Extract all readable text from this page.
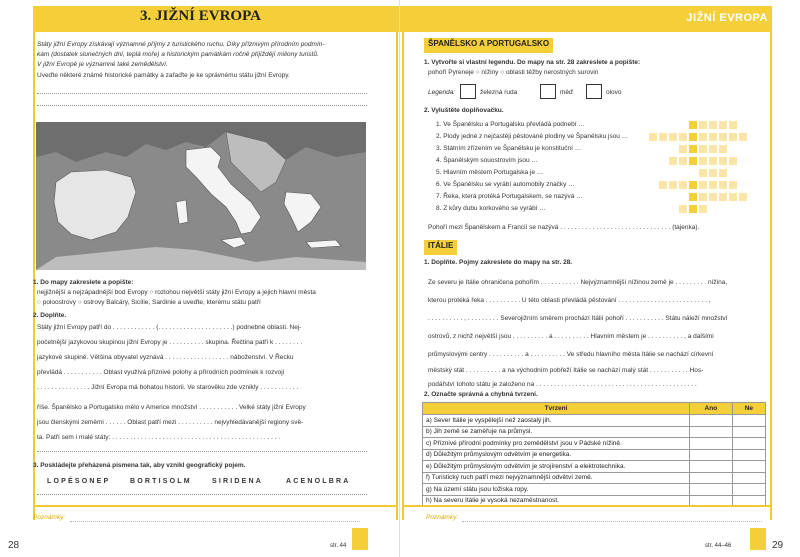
3. JIŽNÍ EVROPA
Státy jižní Evropy získávají významné příjmy z turistického ruchu. Díky příznivým přírodním podmín-
kám (dostatek slunečných dní, teplá moře) a historickým památkám ročně přijíždějí miliony turistů.
V jižní Evropě je významné také zemědělství.
Uveďte některé známé historické památky a zařaďte je ke správnému státu jižní Evropy.
1. Do mapy zakreslete a popište:
nejjižnější a nejzápadnější bod Evropy ○ rozlohou největší státy jižní Evropy a jejich hlavní města
○ poloostrovy ○ ostrovy Balcáry, Sicílie, Sardinie a uveďte, kterému státu patří
2. Doplňte.
Státy jižní Evropy patří do . . . . . . . . . . . . (. . . . . . . . . . . . . . . . . . . . .) podnebné oblasti. Nej-
početnější jazykovou skupinou jižní Evropy je . . . . . . . . . . skupina. Řečtina patří k . . . . . . . .
jazykové skupině. Většina obyvatel vyznává . . . . . . . . . . . . . . . . . . náboženství. V Řecku
převládá . . . . . . . . . . . Oblast využívá příznivé polohy a přírodních podmínek k rozvoji
. . . . . . . . . . . . . . . Jižní Evropa má bohatou historii. Ve starověku zde vznikly . . . . . . . . . . .
říše. Španělsko a Portugalsko mělo v Americe množství . . . . . . . . . . . Velké státy jižní Evropy
jsou členskými zeměmi . . . . . . Oblast patří mezi . . . . . . . . . . nejvyhledávanější regiony svě-
ta. Patří sem i malé státy: . . . . . . . . . . . . . . . . . . . . . . . . . . . . . . . . . . . . . . . . . . . . . . .
3. Poskládejte přeházená písmena tak, aby vznikl geografický pojem.
LOPÉSONEP	BORTISOLM	SIRIDENA	ACENOLBRA
Poznámky:
28	str. 44
JIŽNÍ EVROPA
ŠPANĚLSKO A PORTUGALSKO
1. Vytvořte si vlastní legendu. Do mapy na str. 28 zakreslete a popište:
pohoří Pyreneje ○ nížiny ○ oblasti těžby nerostných surovin
Legenda:	železná ruda	měď	olovo
2. Vyluštěte doplňovačku.
1. Ve Španělsku a Portugalsku převládá podnebí …
2. Plody jedné z nejčastěji pěstované plodiny ve Španělsku jsou …
3. Státním zřízením ve Španělsku je konstituční …
4. Španělským souostrovím jsou …
5. Hlavním městem Portugalska je …
6. Ve Španělsku se vyrábí automobily značky …
7. Řeka, která protéká Portugalskem, se nazývá …
8. Z kůry dubu korkového se vyrábí …
Pohoří mezi Španělskem a Francií se nazývá . . . . . . . . . . . . . . . . . . . . . . . . . . . . . . . (tajenka).
ITÁLIE
1. Doplňte. Pojmy zakreslete do mapy na str. 28.
Ze severu je Itálie ohraničena pohořím . . . . . . . . . . . Nejvýznamnější nížinou země je . . . . . . . . . nížina,
kterou protéká řeka . . . . . . . . . . U této oblasti převládá pěstování . . . . . . . . . . . . . . . . . . . . . . . . . ,
. . . . . . . . . . , . . . . . . . . . Severojižním směrem prochází Itálií pohoří . . . . . . . . . . . Státu náleží množství
ostrovů, z nichž největší jsou . . . . . . . . . . a . . . . . . . . . . Hlavním městem je . . . . . . . . . . , a dalšími
průmyslovými centry . . . . . . . . . . a . . . . . . . . . . Ve středu hlavního města Itálie se nachází církevní
městský stát . . . . . . . . . . a na východním pobřeží Itálie se nachází malý stát . . . . . . . . . . . Hos-
podářství tohoto státu je založeno na . . . . . . . . . . . . . . . . . . . . . . . . . . . . . . . . . . . . . . . . . . . . .
2. Označte správná a chybná tvrzení.
Tvrzení	Ano	Ne
a) Sever Itálie je vyspělejší než zaostalý jih.		
b) Jih země se zaměřuje na průmysl.		
c) Příznivé přírodní podmínky pro zemědělství jsou v Pádské nížině.		
d) Důležitým průmyslovým odvětvím je energetika.		
e) Důležitým průmyslovým odvětvím je strojírenství a elektrotechnika.		
f) Turistický ruch patří mezi nejvýznamnější odvětví země.		
g) Na území státu jsou ložiska ropy.		
h) Na severu Itálie je vysoká nezaměstnanost.		
Poznámky:
str. 44–46	29
